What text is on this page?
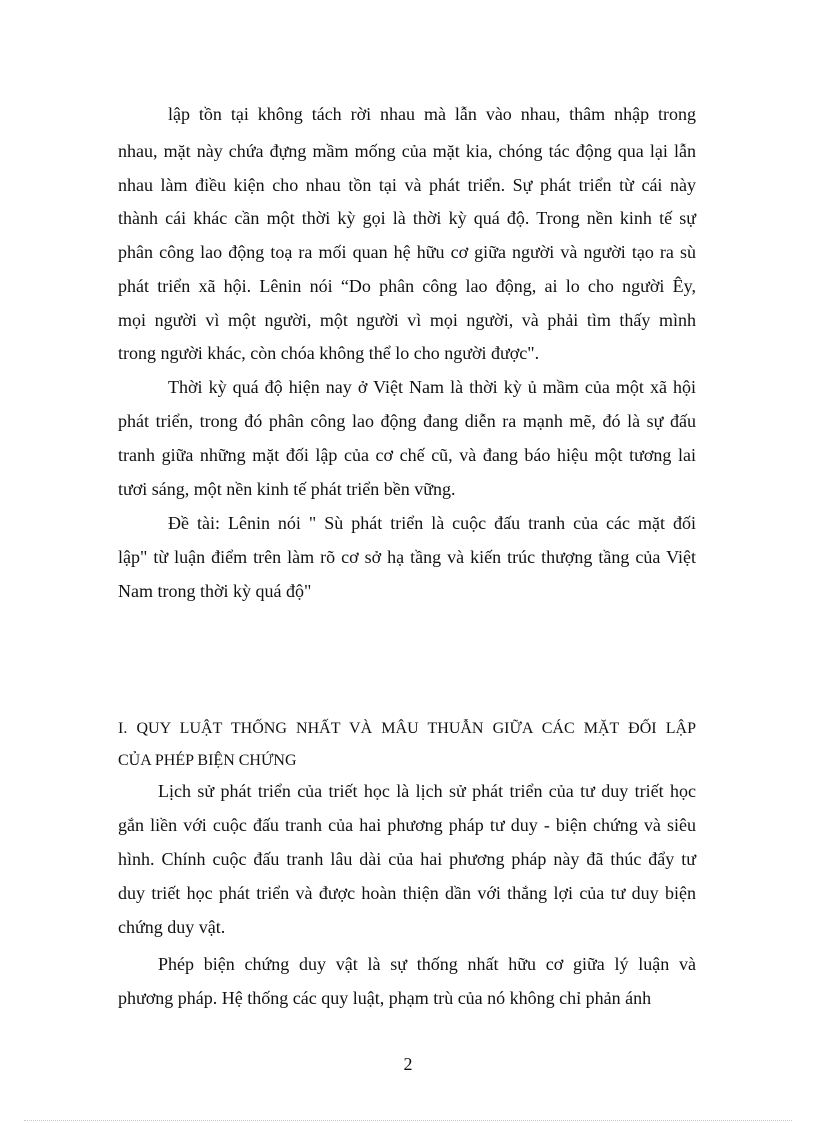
lập tồn tại không tách rời nhau mà lẫn vào nhau, thâm nhập trong
nhau, mặt này chứa đựng mầm mống của mặt kia, chóng tác động qua lại lẫn
nhau làm điều kiện cho nhau tồn tại và phát triển. Sự phát triển từ cái này
thành cái khác cần một thời kỳ gọi là thời kỳ quá độ. Trong nền kinh tế sự
phân công lao động toạ ra mối quan hệ hữu cơ giữa người và người tạo ra sù
phát triển xã hội. Lênin nói “Do phân công lao động, ai lo cho người Êy,
mọi người vì một người, một người vì mọi người, và phải tìm thấy mình
trong người khác, còn chóa không thể lo cho người được".
Thời kỳ quá độ hiện nay ở Việt Nam là thời kỳ ủ mầm của một xã hội
phát triển, trong đó phân công lao động đang diễn ra mạnh mẽ, đó là sự đấu
tranh giữa những mặt đối lập của cơ chế cũ, và đang báo hiệu một tương lai
tươi sáng, một nền kinh tế phát triển bền vững.
Đề tài: Lênin nói " Sù phát triển là cuộc đấu tranh của các mặt đối
lập" từ luận điểm trên làm rõ cơ sở hạ tầng và kiến trúc thượng tầng của Việt
Nam trong thời kỳ quá độ"
I. QUY LUẬT THỐNG NHẤT VÀ MÂU THUẪN GIỮA CÁC MẶT ĐỐI LẬP
CỦA PHÉP BIỆN CHỨNG
Lịch sử phát triển của triết học là lịch sử phát triển của tư duy triết học
gắn liền với cuộc đấu tranh của hai phương pháp tư duy - biện chứng và siêu
hình. Chính cuộc đấu tranh lâu dài của hai phương pháp này đã thúc đẩy tư
duy triết học phát triển và được hoàn thiện dần với thắng lợi của tư duy biện
chứng duy vật.
Phép biện chứng duy vật là sự thống nhất hữu cơ giữa lý luận và
phương pháp. Hệ thống các quy luật, phạm trù của nó không chỉ phản ánh
2
